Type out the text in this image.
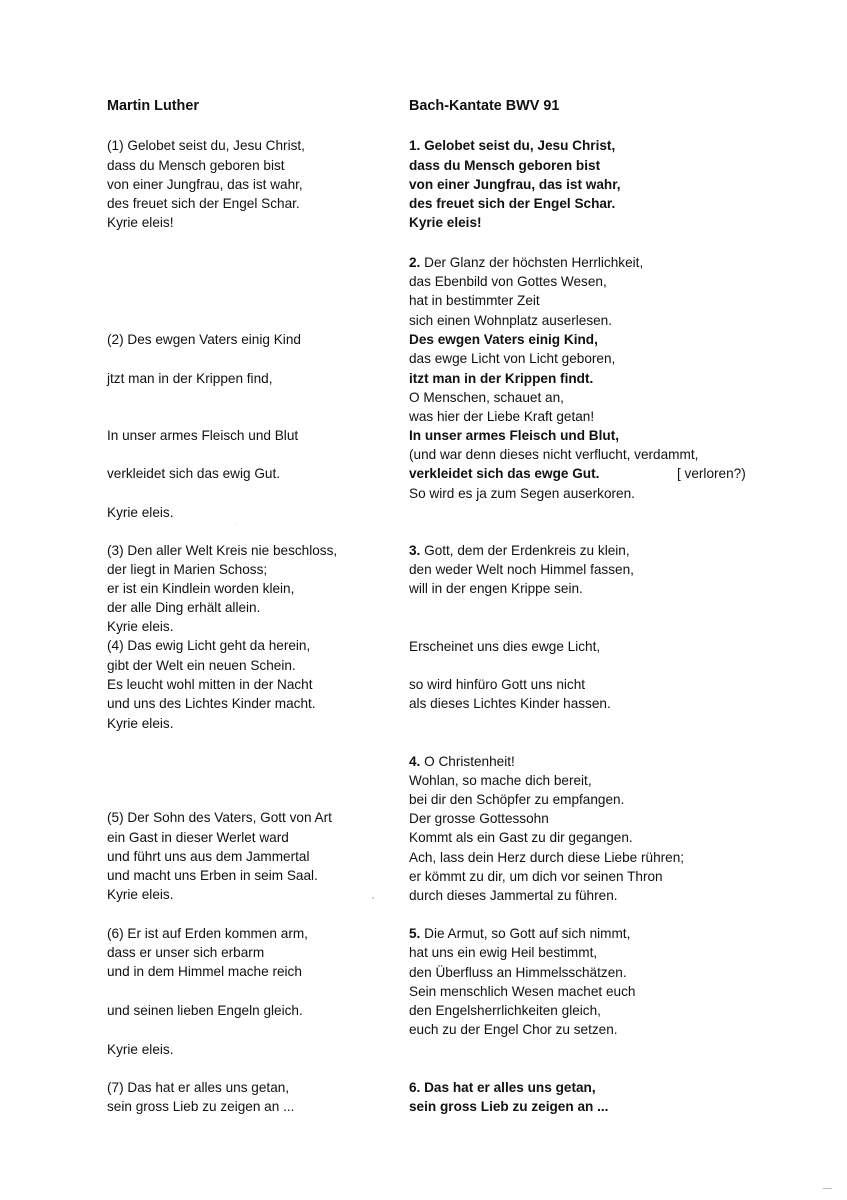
Martin Luther
(1) Gelobet seist du, Jesu Christ,
dass du Mensch geboren bist
von einer Jungfrau, das ist wahr,
des freuet sich der Engel Schar.
Kyrie eleis!
(2) Des ewgen Vaters einig Kind
jtzt man in der Krippen find,
In unser armes Fleisch und Blut
verkleidet sich das ewig Gut.
Kyrie eleis.
(3) Den aller Welt Kreis nie beschloss,
der liegt in Marien Schoss;
er ist ein Kindlein worden klein,
der alle Ding erhält allein.
Kyrie eleis.
(4) Das ewig Licht geht da herein,
gibt der Welt ein neuen Schein.
Es leucht wohl mitten in der Nacht
und uns des Lichtes Kinder macht.
Kyrie eleis.
(5) Der Sohn des Vaters, Gott von Art
ein Gast in dieser Werlet ward
und führt uns aus dem Jammertal
und macht uns Erben in seim Saal.
Kyrie eleis.
(6) Er ist auf Erden kommen arm,
dass er unser sich erbarm
und in dem Himmel mache reich
und seinen lieben Engeln gleich.
Kyrie eleis.
(7) Das hat er alles uns getan,
sein gross Lieb zu zeigen an ...
Bach-Kantate BWV 91
1. Gelobet seist du, Jesu Christ,
dass du Mensch geboren bist
von einer Jungfrau, das ist wahr,
des freuet sich der Engel Schar.
Kyrie eleis!
2. Der Glanz der höchsten Herrlichkeit,
das Ebenbild von Gottes Wesen,
hat in bestimmter Zeit
sich einen Wohnplatz auserlesen.
Des ewgen Vaters einig Kind,
das ewge Licht von Licht geboren,
itzt man in der Krippen findt.
O Menschen, schauet an,
was hier der Liebe Kraft getan!
In unser armes Fleisch und Blut,
(und war denn dieses nicht verflucht, verdammt,
verkleidet sich das ewge Gut.
So wird es ja zum Segen auserkoren.
3. Gott, dem der Erdenkreis zu klein,
den weder Welt noch Himmel fassen,
will in der engen Krippe sein.
Erscheinet uns dies ewge Licht,
so wird hinfüro Gott uns nicht
als dieses Lichtes Kinder hassen.
4. O Christenheit!
Wohlan, so mache dich bereit,
bei dir den Schöpfer zu empfangen.
Der grosse Gottessohn
Kommt als ein Gast zu dir gegangen.
Ach, lass dein Herz durch diese Liebe rühren;
er kömmt zu dir, um dich vor seinen Thron
durch dieses Jammertal zu führen.
5. Die Armut, so Gott auf sich nimmt,
hat uns ein ewig Heil bestimmt,
den Überfluss an Himmelsschätzen.
Sein menschlich Wesen machet euch
den Engelsherrlichkeiten gleich,
euch zu der Engel Chor zu setzen.
6. Das hat er alles uns getan,
sein gross Lieb zu zeigen an ...
[ verloren?)
